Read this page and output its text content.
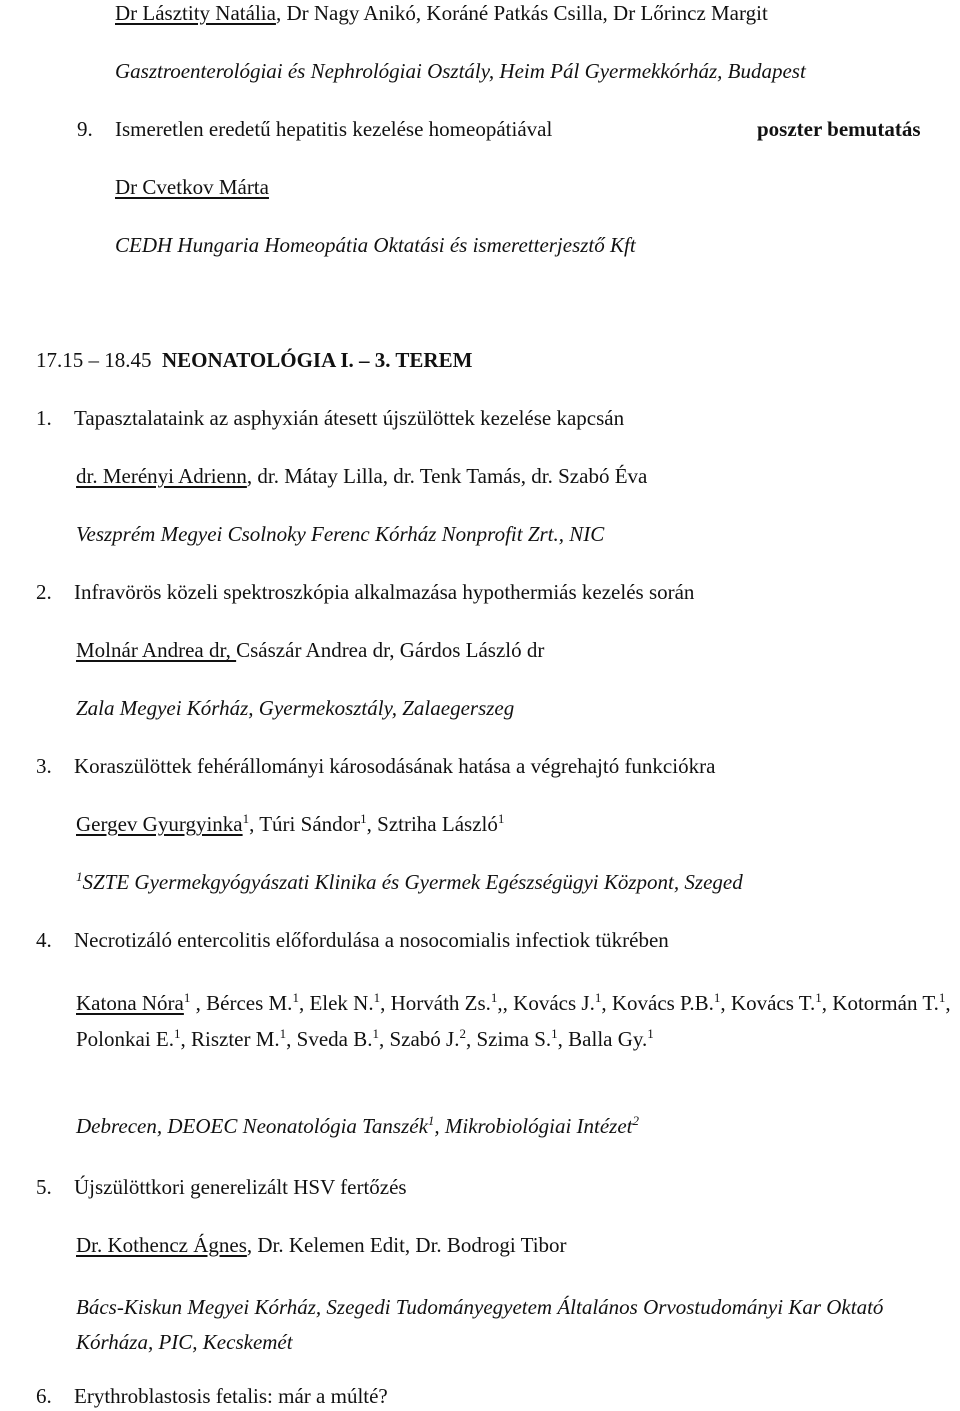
Dr Lásztity Natália, Dr Nagy Anikó, Koráné Patkás Csilla, Dr Lőrincz Margit
Gasztroenterológiai és Nephrológiai Osztály, Heim Pál Gyermekkórház, Budapest
9. Ismeretlen eredetű hepatitis kezelése homeopátiával	poszter bemutatás
Dr Cvetkov Márta
CEDH Hungaria Homeopátia Oktatási és ismeretterjesztő Kft
17.15 – 18.45 NEONATOLÓGIA I. – 3. TEREM
1. Tapasztalataink az asphyxián átesett újszülöttek kezelése kapcsán
dr. Merényi Adrienn, dr. Mátay Lilla, dr. Tenk Tamás, dr. Szabó Éva
Veszprém Megyei Csolnoky Ferenc Kórház Nonprofit Zrt., NIC
2. Infravörös közeli spektroszkópia alkalmazása hypothermiás kezelés során
Molnár Andrea dr, Császár Andrea dr, Gárdos László dr
Zala Megyei Kórház, Gyermekosztály, Zalaegerszeg
3. Koraszülöttek fehérállományi károsodásának hatása a végrehajtó funkciókra
Gergev Gyurgyinka$^1$, Túri Sándor$^1$, Sztriha László$^1$
$^1$SZTE Gyermekgyógyászati Klinika és Gyermek Egészségügyi Központ, Szeged
4. Necrotizáló entercolitis előfordulása a nosocomialis infectiok tükrében
Katona Nóra$^1$ , Bérces M.$^1$, Elek N.$^1$, Horváth Zs.$^1$,, Kovács J.$^1$, Kovács P.B.$^1$, Kovács T.$^1$, Kotormán T.$^1$, Polonkai E.$^1$, Riszter M.$^1$, Sveda B.$^1$, Szabó J.$^2$, Szima S.$^1$, Balla Gy.$^1$
Debrecen, DEOEC Neonatológia Tanszék$^1$, Mikrobiológiai Intézet$^2$
5. Újszülöttkori generelizált HSV fertőzés
Dr. Kothencz Ágnes, Dr. Kelemen Edit, Dr. Bodrogi Tibor
Bács-Kiskun Megyei Kórház, Szegedi Tudományegyetem Általános Orvostudományi Kar Oktató Kórháza, PIC, Kecskemét
6. Erythroblastosis fetalis: már a múlté?
